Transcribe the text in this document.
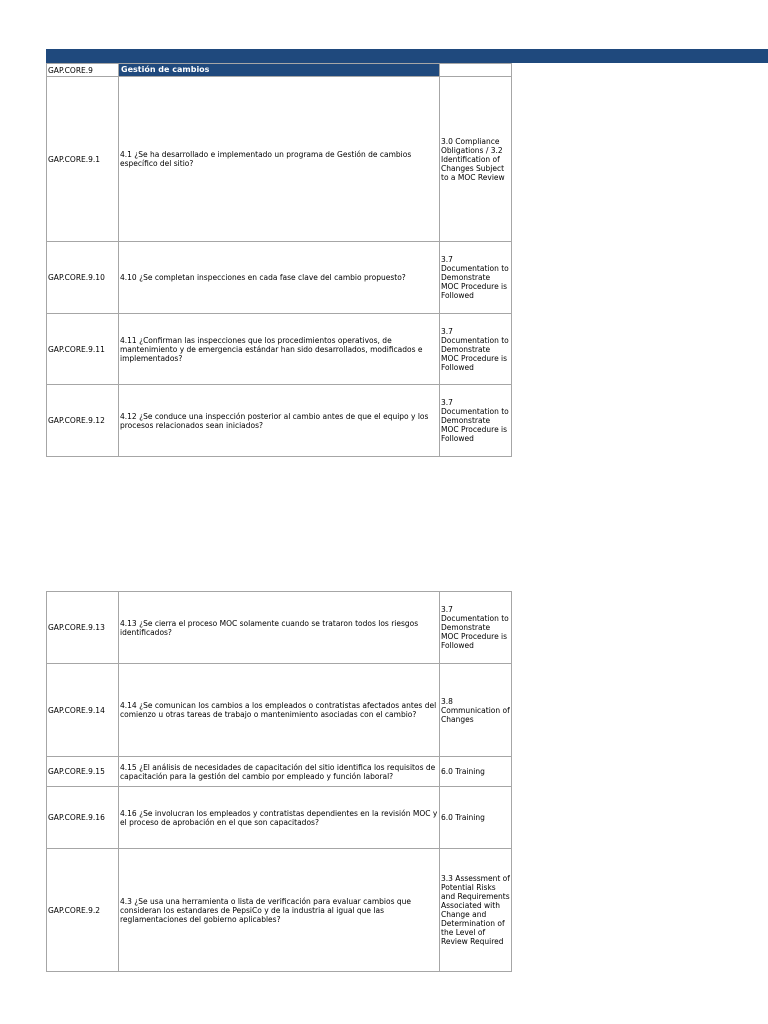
GAP.CORE.9	Gestión de cambios	
GAP.CORE.9.1	4.1 ¿Se ha desarrollado e implementado un programa de Gestión de cambios específico del sitio?	3.0 Compliance Obligations / 3.2 Identification of Changes Subject to a MOC Review
GAP.CORE.9.10	4.10 ¿Se completan inspecciones en cada fase clave del cambio propuesto?	3.7 Documentation to Demonstrate MOC Procedure is Followed
GAP.CORE.9.11	4.11 ¿Confirman las inspecciones que los procedimientos operativos, de mantenimiento y de emergencia estándar han sido desarrollados, modificados e implementados?	3.7 Documentation to Demonstrate MOC Procedure is Followed
GAP.CORE.9.12	4.12 ¿Se conduce una inspección posterior al cambio antes de que el equipo y los procesos relacionados sean iniciados?	3.7 Documentation to Demonstrate MOC Procedure is Followed
GAP.CORE.9.13	4.13 ¿Se cierra el proceso MOC solamente cuando se trataron todos los riesgos identificados?	3.7 Documentation to Demonstrate MOC Procedure is Followed
GAP.CORE.9.14	4.14 ¿Se comunican los cambios a los empleados o contratistas afectados antes del comienzo u otras tareas de trabajo o mantenimiento asociadas con el cambio?	3.8 Communication of Changes
GAP.CORE.9.15	4.15 ¿El análisis de necesidades de capacitación del sitio identifica los requisitos de capacitación para la gestión del cambio por empleado y función laboral?	6.0 Training
GAP.CORE.9.16	4.16 ¿Se involucran los empleados y contratistas dependientes en la revisión MOC y el proceso de aprobación en el que son capacitados?	6.0 Training
GAP.CORE.9.2	4.3 ¿Se usa una herramienta o lista de verificación para evaluar cambios que consideran los estandares de PepsiCo y de la industria al igual que las reglamentaciones del gobierno aplicables?	3.3 Assessment of Potential Risks and Requirements Associated with Change and Determination of the Level of Review Required
